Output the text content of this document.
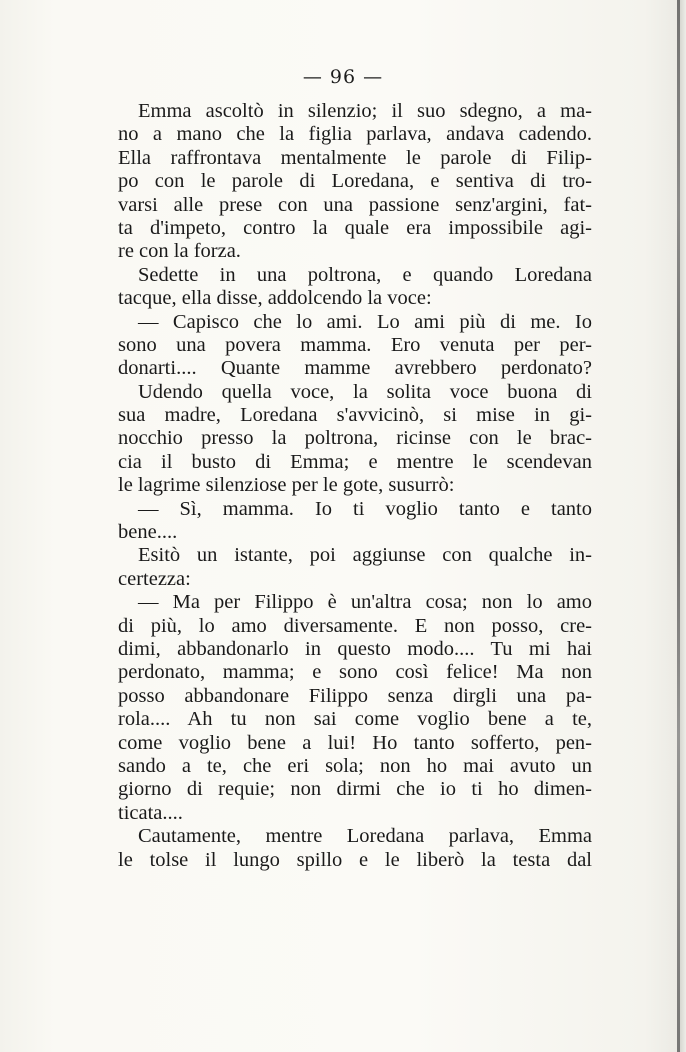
— 96 —
Emma ascoltò in silenzio; il suo sdegno, a ma-
no a mano che la figlia parlava, andava cadendo.
Ella raffrontava mentalmente le parole di Filip-
po con le parole di Loredana, e sentiva di tro-
varsi alle prese con una passione senz'argini, fat-
ta d'impeto, contro la quale era impossibile agi-
re con la forza.
Sedette in una poltrona, e quando Loredana
tacque, ella disse, addolcendo la voce:
— Capisco che lo ami. Lo ami più di me. Io
sono una povera mamma. Ero venuta per per-
donarti.... Quante mamme avrebbero perdonato?
Udendo quella voce, la solita voce buona di
sua madre, Loredana s'avvicinò, si mise in gi-
nocchio presso la poltrona, ricinse con le brac-
cia il busto di Emma; e mentre le scendevan
le lagrime silenziose per le gote, susurrò:
— Sì, mamma. Io ti voglio tanto e tanto
bene....
Esitò un istante, poi aggiunse con qualche in-
certezza:
— Ma per Filippo è un'altra cosa; non lo amo
di più, lo amo diversamente. E non posso, cre-
dimi, abbandonarlo in questo modo.... Tu mi hai
perdonato, mamma; e sono così felice! Ma non
posso abbandonare Filippo senza dirgli una pa-
rola.... Ah tu non sai come voglio bene a te,
come voglio bene a lui! Ho tanto sofferto, pen-
sando a te, che eri sola; non ho mai avuto un
giorno di requie; non dirmi che io ti ho dimen-
ticata....
Cautamente, mentre Loredana parlava, Emma
le tolse il lungo spillo e le liberò la testa dal
